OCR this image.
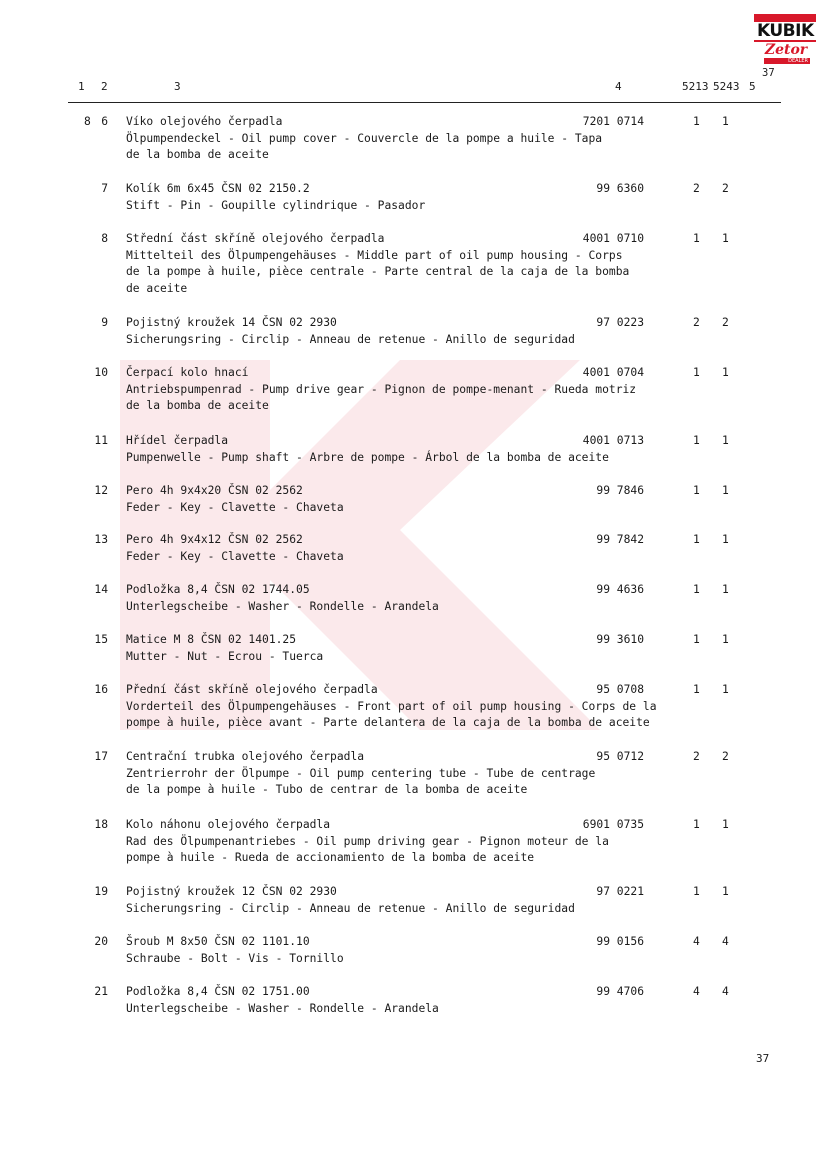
KUBIK
Zetor
DEALER
37
1 2	3	4	5213 5243 5
8 6 Víko olejového čerpadla
Ölpumpendeckel - Oil pump cover - Couvercle de la pompe a huile - Tapa
de la bomba de aceite
7201 0714	1 1
7 Kolík 6m 6x45 ČSN 02 2150.2
Stift - Pin - Goupille cylindrique - Pasador
99 6360	2 2
8 Střední část skříně olejového čerpadla
Mittelteil des Ölpumpengehäuses - Middle part of oil pump housing - Corps
de la pompe à huile, pièce centrale - Parte central de la caja de la bomba
de aceite
4001 0710	1 1
9 Pojistný kroužek 14 ČSN 02 2930
Sicherungsring - Circlip - Anneau de retenue - Anillo de seguridad
97 0223	2 2
10 Čerpací kolo hnací
Antriebspumpenrad - Pump drive gear - Pignon de pompe-menant - Rueda motriz
de la bomba de aceite
4001 0704	1 1
11 Hřídel čerpadla
Pumpenwelle - Pump shaft - Arbre de pompe - Árbol de la bomba de aceite
4001 0713	1 1
12 Pero 4h 9x4x20 ČSN 02 2562
Feder - Key - Clavette - Chaveta
99 7846	1 1
13 Pero 4h 9x4x12 ČSN 02 2562
Feder - Key - Clavette - Chaveta
99 7842	1 1
14 Podložka 8,4 ČSN 02 1744.05
Unterlegscheibe - Washer - Rondelle - Arandela
99 4636	1 1
15 Matice M 8 ČSN 02 1401.25
Mutter - Nut - Ecrou - Tuerca
99 3610	1 1
16 Přední část skříně olejového čerpadla
Vorderteil des Ölpumpengehäuses - Front part of oil pump housing - Corps de la
pompe à huile, pièce avant - Parte delantera de la caja de la bomba de aceite
95 0708	1 1
17 Centrační trubka olejového čerpadla
Zentrierrohr der Ölpumpe - Oil pump centering tube - Tube de centrage
de la pompe à huile - Tubo de centrar de la bomba de aceite
95 0712	2 2
18 Kolo náhonu olejového čerpadla
Rad des Ölpumpenantriebes - Oil pump driving gear - Pignon moteur de la
pompe à huile - Rueda de accionamiento de la bomba de aceite
6901 0735	1 1
19 Pojistný kroužek 12 ČSN 02 2930
Sicherungsring - Circlip - Anneau de retenue - Anillo de seguridad
97 0221	1 1
20 Šroub M 8x50 ČSN 02 1101.10
Schraube - Bolt - Vis - Tornillo
99 0156	4 4
21 Podložka 8,4 ČSN 02 1751.00
Unterlegscheibe - Washer - Rondelle - Arandela
99 4706	4 4
37
